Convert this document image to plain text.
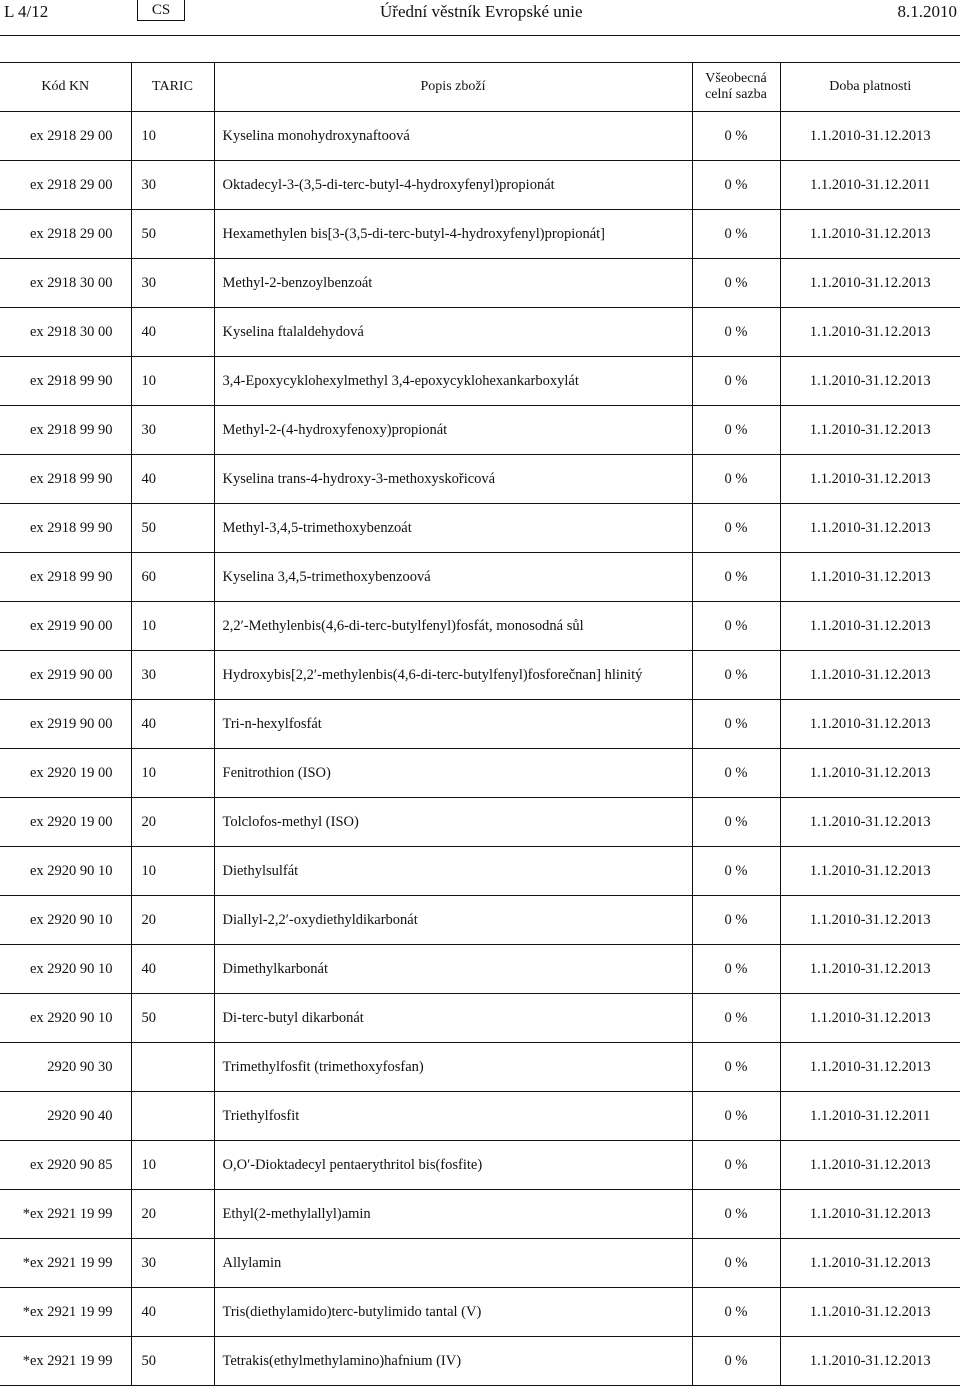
L 4/12	CS	Úřední věstník Evropské unie	8.1.2010
Kód KN	TARIC	Popis zboží	Všeobecná celní sazba	Doba platnosti
ex 2918 29 00	10	Kyselina monohydroxynaftoová	0 %	1.1.2010-31.12.2013
ex 2918 29 00	30	Oktadecyl-3-(3,5-di-terc-butyl-4-hydroxyfenyl)propionát	0 %	1.1.2010-31.12.2011
ex 2918 29 00	50	Hexamethylen bis[3-(3,5-di-terc-butyl-4-hydroxyfenyl)propionát]	0 %	1.1.2010-31.12.2013
ex 2918 30 00	30	Methyl-2-benzoylbenzoát	0 %	1.1.2010-31.12.2013
ex 2918 30 00	40	Kyselina ftalaldehydová	0 %	1.1.2010-31.12.2013
ex 2918 99 90	10	3,4-Epoxycyklohexylmethyl 3,4-epoxycyklohexankarboxylát	0 %	1.1.2010-31.12.2013
ex 2918 99 90	30	Methyl-2-(4-hydroxyfenoxy)propionát	0 %	1.1.2010-31.12.2013
ex 2918 99 90	40	Kyselina trans-4-hydroxy-3-methoxyskořicová	0 %	1.1.2010-31.12.2013
ex 2918 99 90	50	Methyl-3,4,5-trimethoxybenzoát	0 %	1.1.2010-31.12.2013
ex 2918 99 90	60	Kyselina 3,4,5-trimethoxybenzoová	0 %	1.1.2010-31.12.2013
ex 2919 90 00	10	2,2′-Methylenbis(4,6-di-terc-butylfenyl)fosfát, monosodná sůl	0 %	1.1.2010-31.12.2013
ex 2919 90 00	30	Hydroxybis[2,2′-methylenbis(4,6-di-terc-butylfenyl)fosforečnan] hlinitý	0 %	1.1.2010-31.12.2013
ex 2919 90 00	40	Tri-n-hexylfosfát	0 %	1.1.2010-31.12.2013
ex 2920 19 00	10	Fenitrothion (ISO)	0 %	1.1.2010-31.12.2013
ex 2920 19 00	20	Tolclofos-methyl (ISO)	0 %	1.1.2010-31.12.2013
ex 2920 90 10	10	Diethylsulfát	0 %	1.1.2010-31.12.2013
ex 2920 90 10	20	Diallyl-2,2′-oxydiethyldikarbonát	0 %	1.1.2010-31.12.2013
ex 2920 90 10	40	Dimethylkarbonát	0 %	1.1.2010-31.12.2013
ex 2920 90 10	50	Di-terc-butyl dikarbonát	0 %	1.1.2010-31.12.2013
2920 90 30		Trimethylfosfit (trimethoxyfosfan)	0 %	1.1.2010-31.12.2013
2920 90 40		Triethylfosfit	0 %	1.1.2010-31.12.2011
ex 2920 90 85	10	O,O′-Dioktadecyl pentaerythritol bis(fosfite)	0 %	1.1.2010-31.12.2013
*ex 2921 19 99	20	Ethyl(2-methylallyl)amin	0 %	1.1.2010-31.12.2013
*ex 2921 19 99	30	Allylamin	0 %	1.1.2010-31.12.2013
*ex 2921 19 99	40	Tris(diethylamido)terc-butylimido tantal (V)	0 %	1.1.2010-31.12.2013
*ex 2921 19 99	50	Tetrakis(ethylmethylamino)hafnium (IV)	0 %	1.1.2010-31.12.2013
